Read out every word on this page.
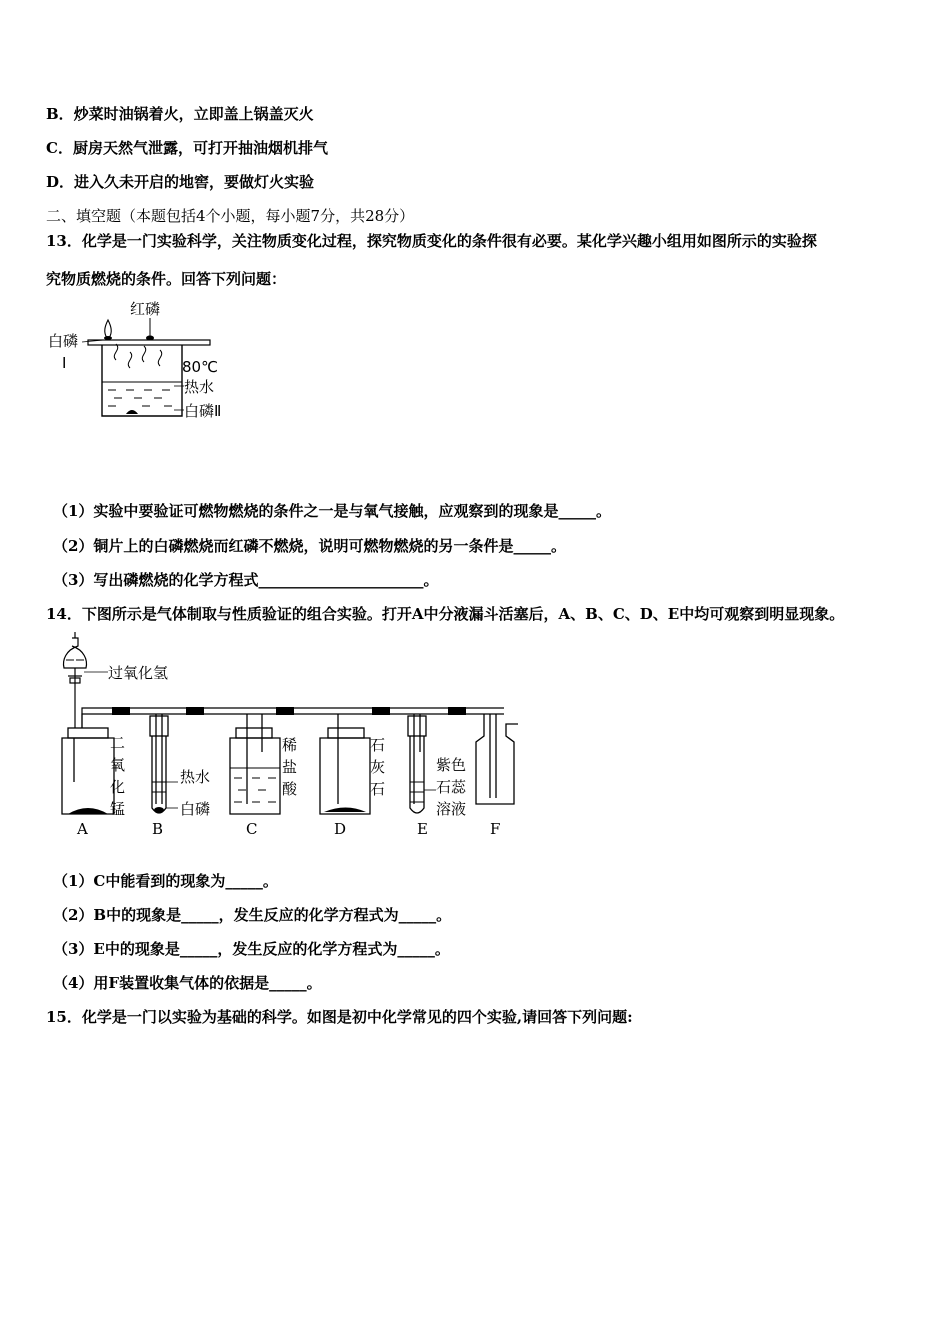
B．炒菜时油锅着火，立即盖上锅盖灭火
C．厨房天然气泄露，可打开抽油烟机排气
D．进入久未开启的地窖，要做灯火实验
二、填空题（本题包括4个小题，每小题7分，共28分）
13．化学是一门实验科学，关注物质变化过程，探究物质变化的条件很有必要。某化学兴趣小组用如图所示的实验探
究物质燃烧的条件。回答下列问题：
红磷
白磷
Ⅰ	80℃
热水
白磷Ⅱ
（1）实验中要验证可燃物燃烧的条件之一是与氧气接触，应观察到的现象是_____。
（2）铜片上的白磷燃烧而红磷不燃烧，说明可燃物燃烧的另一条件是_____。
（3）写出磷燃烧的化学方程式______________________。
14．下图所示是气体制取与性质验证的组合实验。打开A中分液漏斗活塞后，A、B、C、D、E中均可观察到明显现象。
过氧化氢
二
氧
化
锰
热水
白磷
稀
盐
酸
石
灰
石
紫色
石蕊
溶液
A	B	C	D	E	F
（1）C中能看到的现象为_____。
（2）B中的现象是_____，发生反应的化学方程式为_____。
（3）E中的现象是_____，发生反应的化学方程式为_____。
（4）用F装置收集气体的依据是_____。
15．化学是一门以实验为基础的科学。如图是初中化学常见的四个实验,请回答下列问题:
